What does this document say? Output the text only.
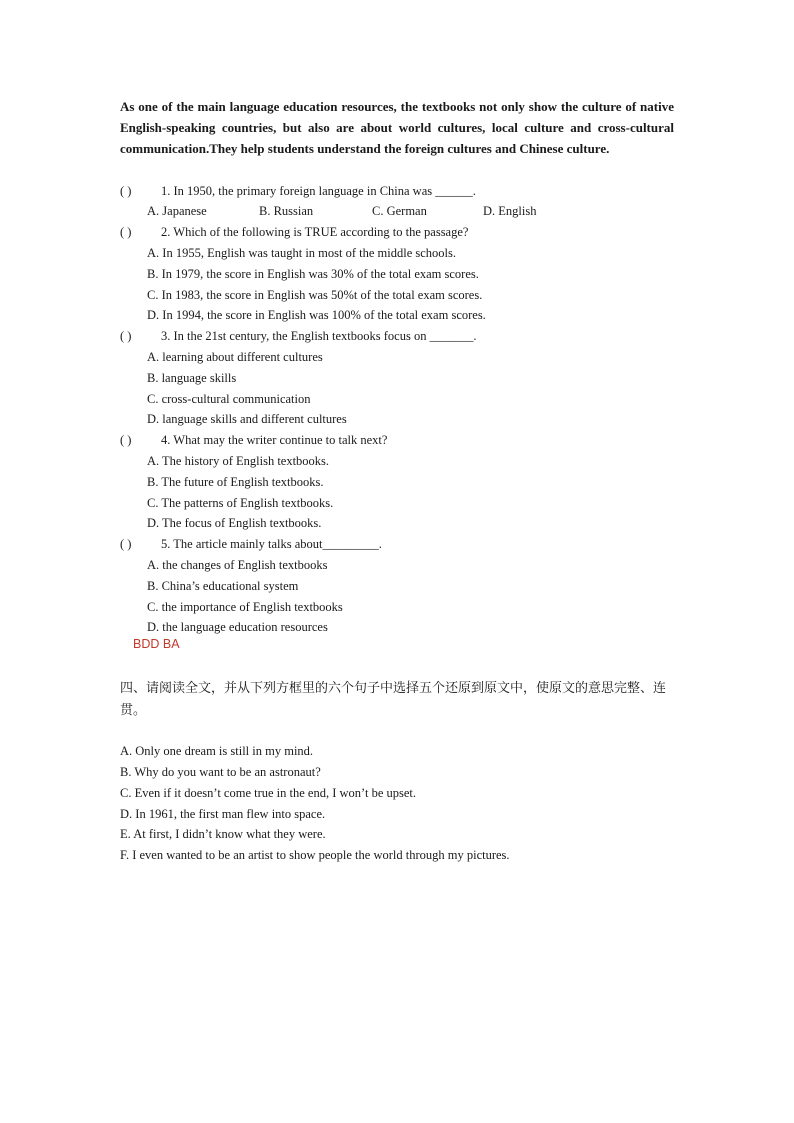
As one of the main language education resources, the textbooks not only show the culture of native English-speaking countries, but also are about world cultures, local culture and cross-cultural communication.They help students understand the foreign cultures and Chinese culture.
( ) 1. In 1950, the primary foreign language in China was ______.
A. Japanese	B. Russian	C. German	D. English
( ) 2. Which of the following is TRUE according to the passage?
A. In 1955, English was taught in most of the middle schools.
B. In 1979, the score in English was 30% of the total exam scores.
C. In 1983, the score in English was 50%t of the total exam scores.
D. In 1994, the score in English was 100% of the total exam scores.
( ) 3. In the 21st century, the English textbooks focus on _______.
A. learning about different cultures
B. language skills
C. cross-cultural communication
D. language skills and different cultures
( ) 4. What may the writer continue to talk next?
A. The history of English textbooks.
B. The future of English textbooks.
C. The patterns of English textbooks.
D. The focus of English textbooks.
( ) 5. The article mainly talks about_________.
A. the changes of English textbooks
B. China’s educational system
C. the importance of English textbooks
D. the language education resources
BDD BA
四、请阅读全文，并从下列方框里的六个句子中选择五个还原到原文中，使原文的意思完整、连贯。
A. Only one dream is still in my mind.
B. Why do you want to be an astronaut?
C. Even if it doesn’t come true in the end, I won’t be upset.
D. In 1961, the first man flew into space.
E. At first, I didn’t know what they were.
F. I even wanted to be an artist to show people the world through my pictures.
